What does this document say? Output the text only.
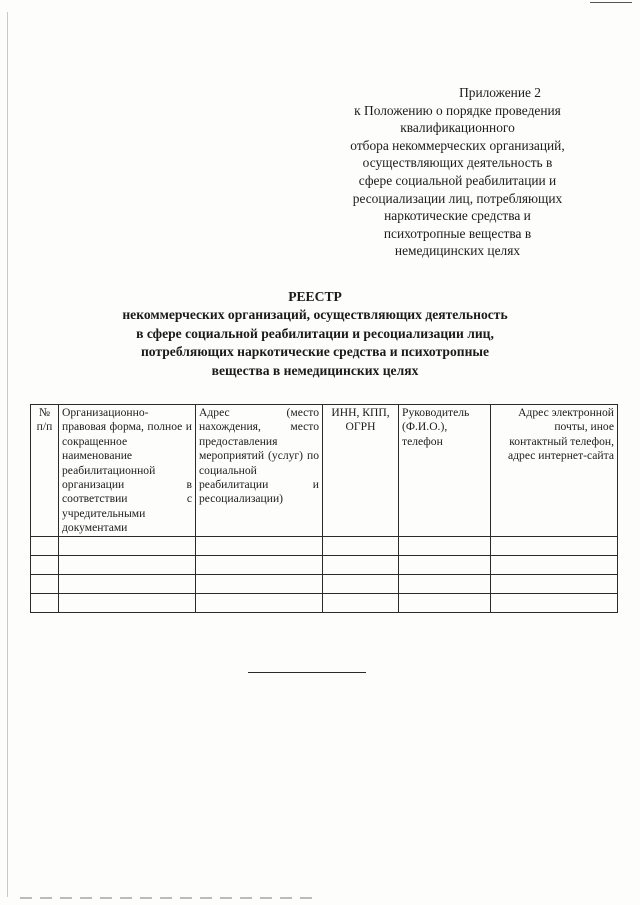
Приложение 2
к Положению о порядке проведения
квалификационного
отбора некоммерческих организаций,
осуществляющих деятельность в
сфере социальной реабилитации и
ресоциализации лиц, потребляющих
наркотические средства и
психотропные вещества в
немедицинских целях
РЕЕСТР
некоммерческих организаций, осуществляющих деятельность
в сфере социальной реабилитации и ресоциализации лиц,
потребляющих наркотические средства и психотропные
вещества в немедицинских целях
№ п/п	Организационно-правовая форма, полное и сокращенное наименование реабилитационной организации в соответствии с учредительными документами	Адрес (место нахождения, место предоставления мероприятий (услуг) по социальной реабилитации и ресоциализации)	ИНН, КПП, ОГРН	Руководитель (Ф.И.О.), телефон	Адрес электронной почты, иное контактный телефон, адрес интернет-сайта
